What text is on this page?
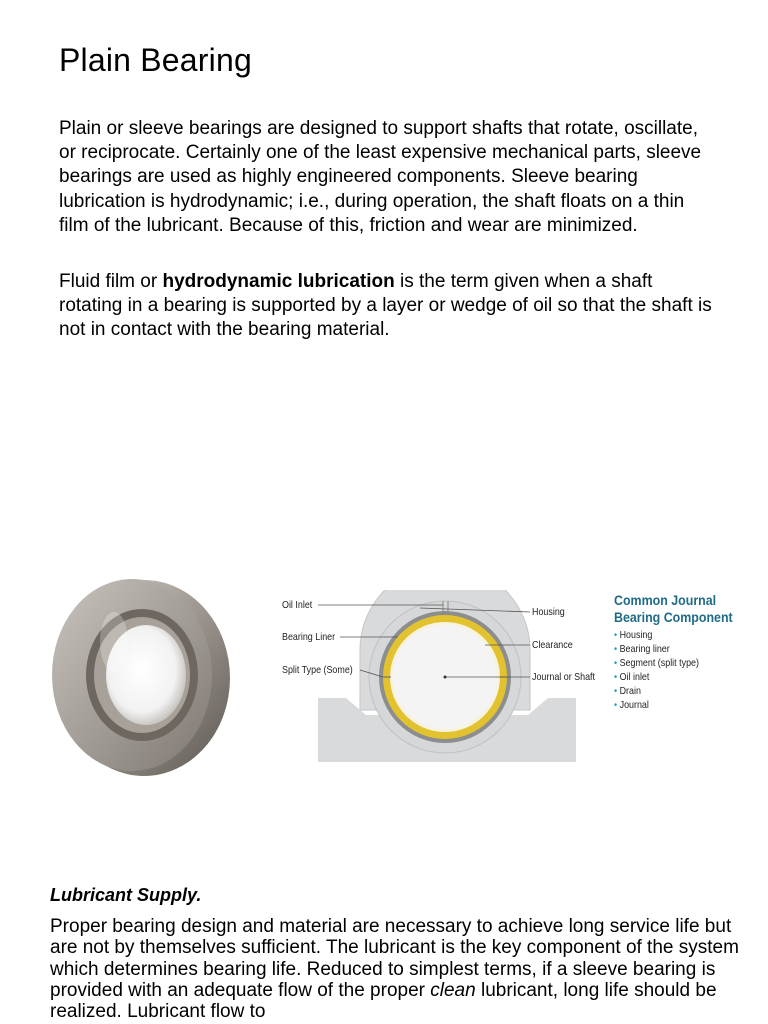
Plain Bearing

Plain or sleeve bearings are designed to support shafts that rotate, oscillate, or reciprocate. Certainly one of the least expensive mechanical parts, sleeve bearings are used as highly engineered components. Sleeve bearing lubrication is hydrodynamic; i.e., during operation, the shaft floats on a thin film of the lubricant. Because of this, friction and wear are minimized.

Fluid film or hydrodynamic lubrication is the term given when a shaft rotating in a bearing is supported by a layer or wedge of oil so that the shaft is not in contact with the bearing material.

Oil Inlet
Bearing Liner
Split Type (Some)
Housing
Clearance
Journal or Shaft
Common Journal
Bearing Component
• Housing
• Bearing liner
• Segment (split type)
• Oil inlet
• Drain
• Journal
Lubricant Supply.

Proper bearing design and material are necessary to achieve long service life but are not by themselves sufficient. The lubricant is the key component of the system which determines bearing life. Reduced to simplest terms, if a sleeve bearing is provided with an adequate flow of the proper clean lubricant, long life should be realized. Lubricant flow to
